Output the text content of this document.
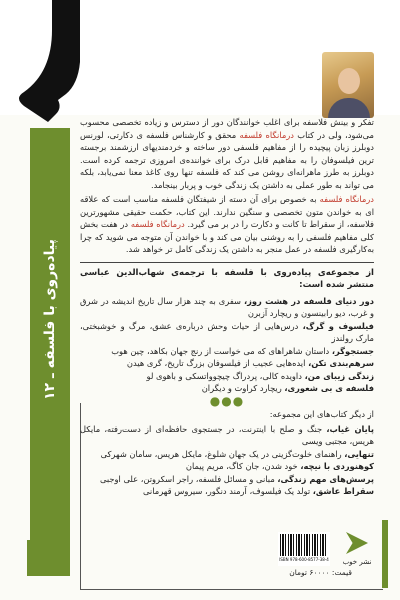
پیاده‌روی با فلسفه ـ ۱۲

تفکر و بینش فلاسفه برای اغلب خوانندگان دور از دسترس و زیاده تخصصی محسوب می‌شود، ولی در کتاب درمانگاه فلسفه محقق و کارشناس فلسفه ی دکارتی، لورنس دوبلرز زبان پیچیده را از مفاهیم فلسفی دور ساخته و خردمندیهای ارزشمند برجسته ترین فیلسوفان را به مفاهیم قابل درک برای خواننده‌ی امروزی ترجمه کرده است. دوبلرز به طرز ماهرانه‌ای روشن می کند که فلسفه تنها روی کاغذ معنا نمی‌یابد، بلکه می تواند به طور عملی به داشتن یک زندگی خوب و پربار بینجامد.

درمانگاه فلسفه به خصوص برای آن دسته از شیفتگان فلسفه مناسب است که علاقه ای به خواندن متون تخصصی و سنگین ندارند. این کتاب، حکمت حقیقی مشهورترین فلاسفه، از سقراط تا کانت و دکارت را در بر می گیرد. درمانگاه فلسفه در هفت بخش کلی مفاهیم فلسفی را به روشنی بیان می کند و با خواندن آن متوجه می شوید که چرا به‌کارگیری فلسفه در عمل منجر به داشتن یک زندگی کامل تر خواهد شد.

از مجموعه‌ی پیاده‌روی با فلسفه با ترجمه‌ی شهاب‌الدین عباسی منتشر شده است:
دور دنیای فلسفه در هشت روز، سفری به چند هزار سال تاریخ اندیشه در شرق و غرب، دیو رابینسون و ریچارد آزبرن
فیلسوف و گرگ، درس‌هایی از حیات وحش درباره‌ی عشق، مرگ و خوشبختی، مارک رولندز
جستجوگر، داستان شاهراهای که می خواست از رنج جهان بکاهد، چین هوب
سرهم‌بندی تکن، ایده‌هایی عجیب از فیلسوفان بزرگ تاریخ، گری هیدن
زندگی زیبای من، داویده کالی، پردراگ چیچوواتسکی و باهوی لو
فلسفه ی بی شعوری، ریچارد کراوت و دیگران
●●●
از دیگر کتاب‌های این مجموعه:
پایان غیاب، جنگ و صلح با اینترنت، در جستجوی حافظه‌ای از دست‌رفته، مایکل هریس، مجتبی ویسی
تنهایی، راهنمای خلوت‌گزینی در یک جهان شلوغ، مایکل هریس، سامان شهرکی
کوهنوردی با نیچه، خود شدن، جان کاگ، مریم پیمان
پرسش‌های مهم زندگی، مبانی و مسائل فلسفه، راجر اسکروتن، علی اوجبی
سقراط عاشق، تولد یک فیلسوف، آرمند دنگور، سیروس قهرمانی
ISBN 978-600-8577-38-4
قیمت: ۶۰۰۰۰ تومان
نشر خوب
